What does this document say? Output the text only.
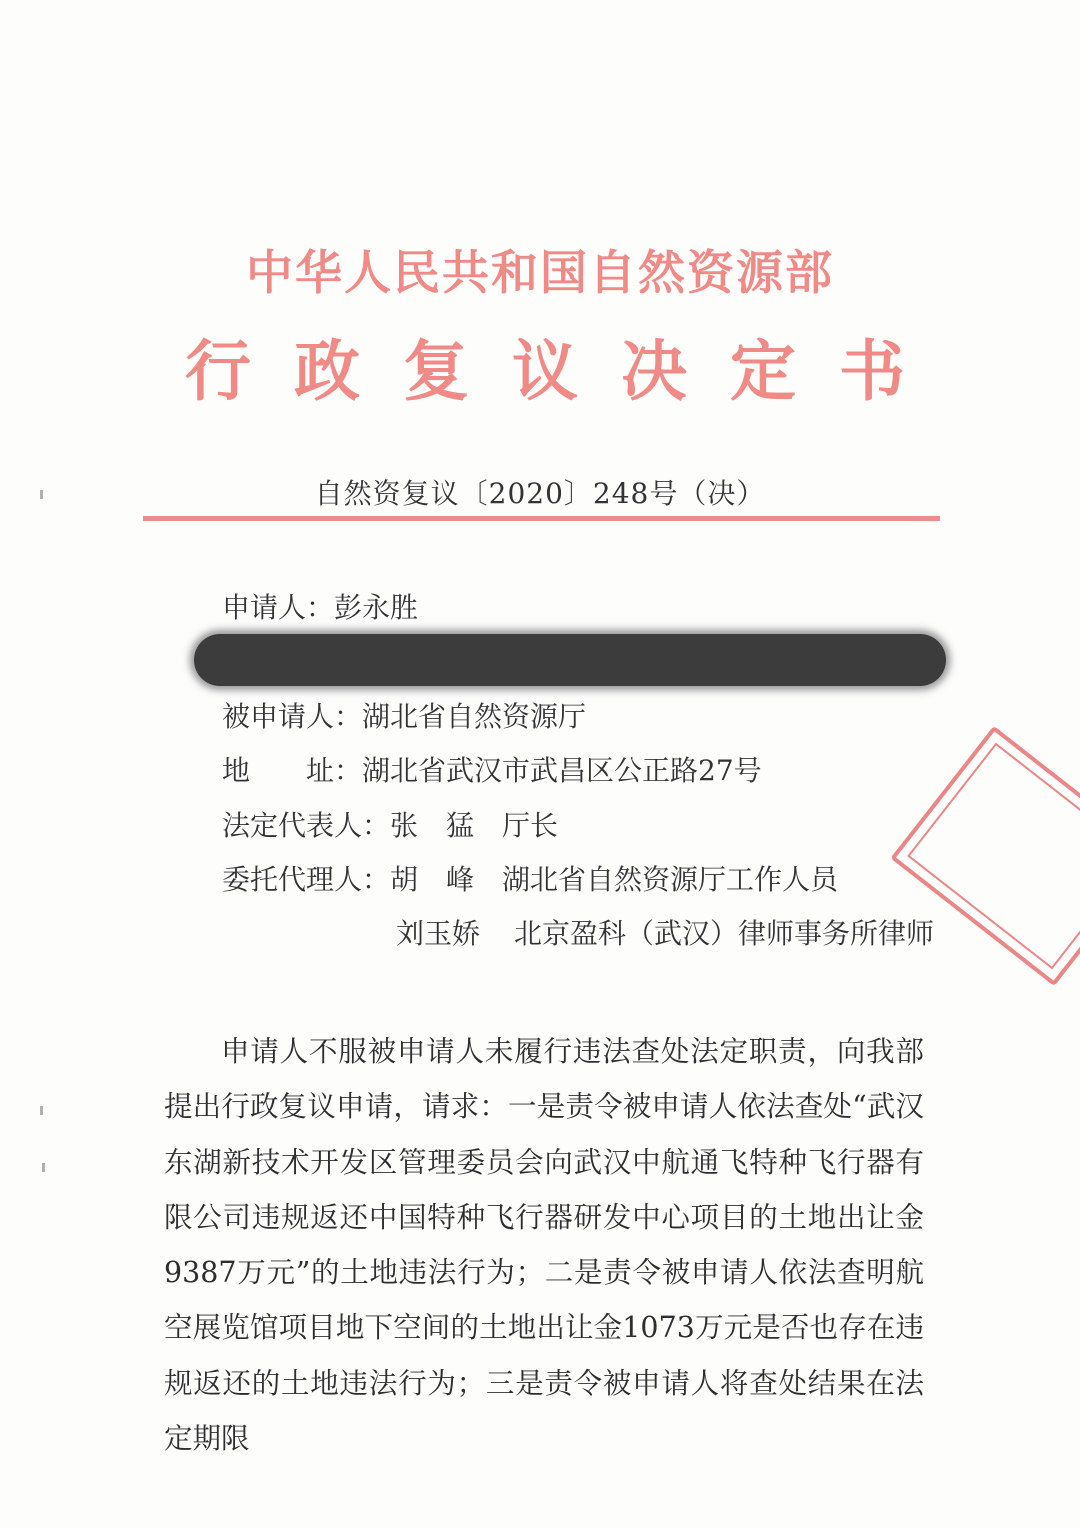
中华人民共和国自然资源部
行 政 复 议 决 定 书
自然资复议〔2020〕248号（决）
申请人：彭永胜
被申请人：湖北省自然资源厅
地　　址：湖北省武汉市武昌区公正路27号
法定代表人：张　猛 厅长
委托代理人：胡　峰 湖北省自然资源厅工作人员
刘玉娇 北京盈科（武汉）律师事务所律师
申请人不服被申请人未履行违法查处法定职责，向我部提出行政复议申请，请求：一是责令被申请人依法查处“武汉东湖新技术开发区管理委员会向武汉中航通飞特种飞行器有限公司违规返还中国特种飞行器研发中心项目的土地出让金9387万元”的土地违法行为；二是责令被申请人依法查明航空展览馆项目地下空间的土地出让金1073万元是否也存在违规返还的土地违法行为；三是责令被申请人将查处结果在法定期限
